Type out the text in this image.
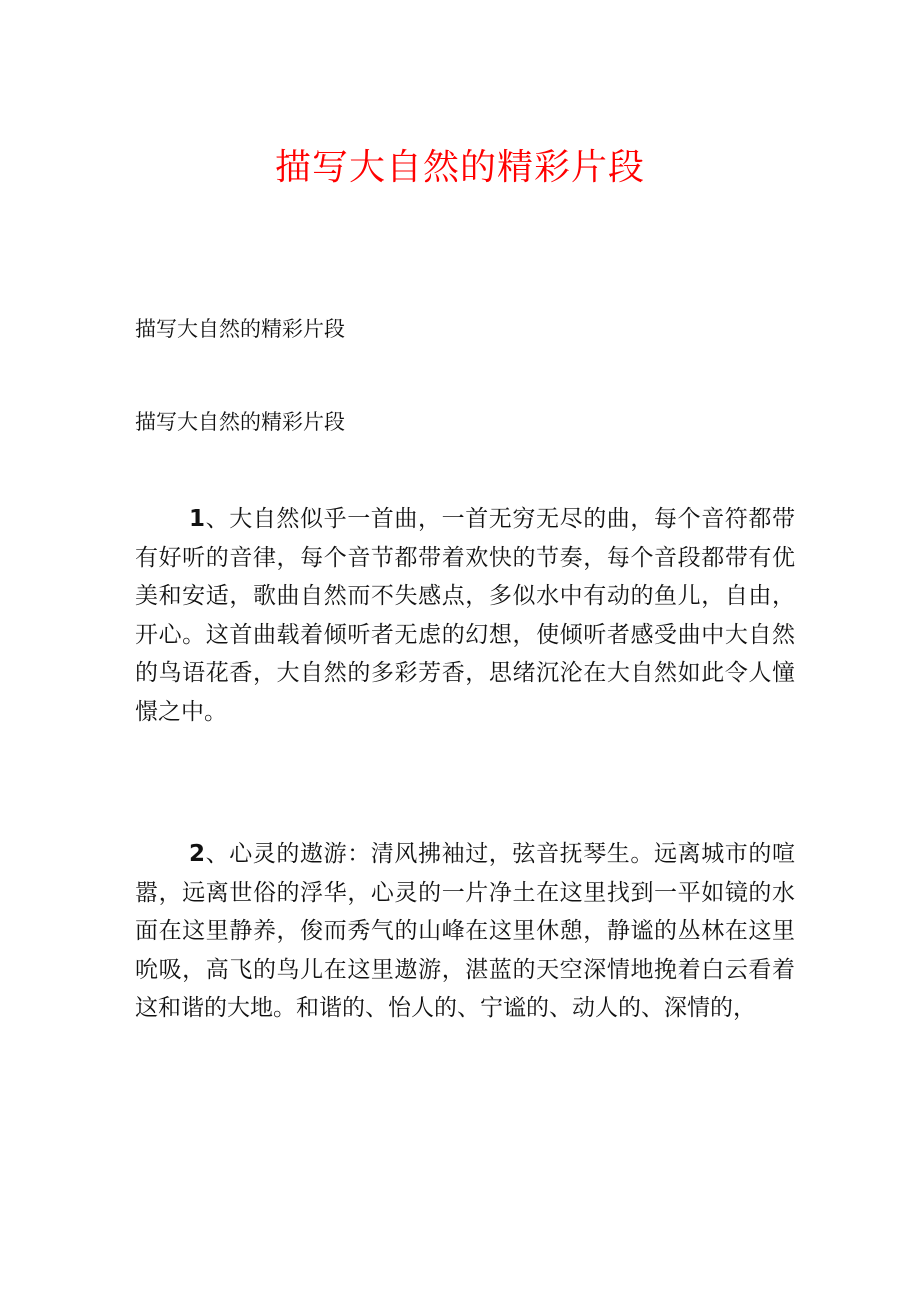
描写大自然的精彩片段

描写大自然的精彩片段

描写大自然的精彩片段

1、大自然似乎一首曲，一首无穷无尽的曲，每个音符都带有好听的音律，每个音节都带着欢快的节奏，每个音段都带有优美和安适，歌曲自然而不失感点，多似水中有动的鱼儿，自由，开心。这首曲载着倾听者无虑的幻想，使倾听者感受曲中大自然的鸟语花香，大自然的多彩芳香，思绪沉沦在大自然如此令人憧憬之中。

2、心灵的遨游：清风拂袖过，弦音抚琴生。远离城市的喧嚣，远离世俗的浮华，心灵的一片净土在这里找到一平如镜的水面在这里静养，俊而秀气的山峰在这里休憩，静谧的丛林在这里吮吸，高飞的鸟儿在这里遨游，湛蓝的天空深情地挽着白云看着这和谐的大地。和谐的、怡人的、宁谧的、动人的、深情的，
